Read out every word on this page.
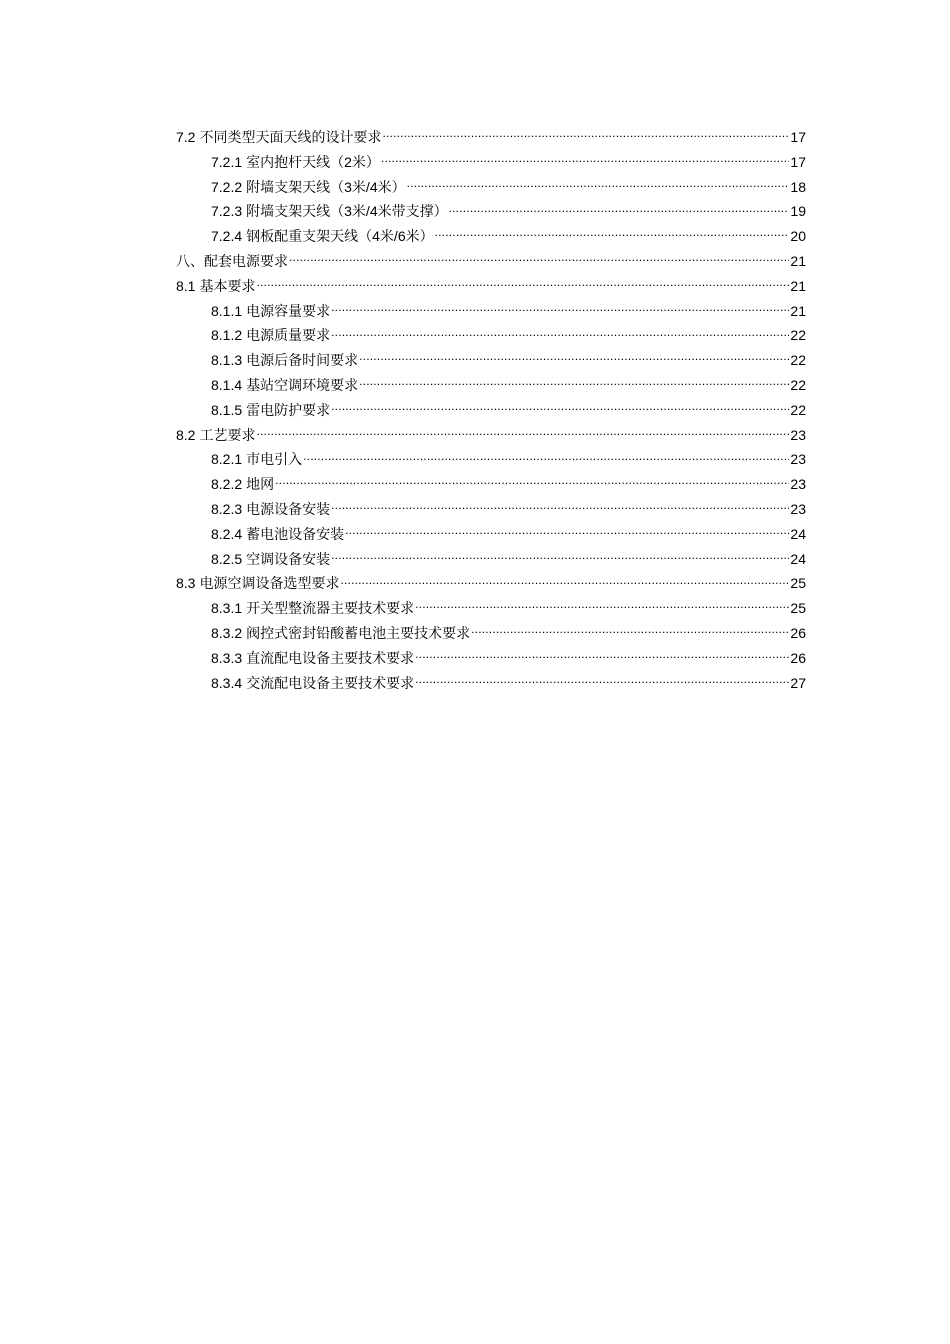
7.2 不同类型天面天线的设计要求 .....	17
7.2.1 室内抱杆天线（2米） .....	17
7.2.2 附墙支架天线（3米/4米） .....	18
7.2.3 附墙支架天线（3米/4米带支撑） .....	19
7.2.4 钢板配重支架天线（4米/6米） .....	20
八、配套电源要求 .....	21
8.1 基本要求 .....	21
8.1.1 电源容量要求 .....	21
8.1.2 电源质量要求 .....	22
8.1.3 电源后备时间要求 .....	22
8.1.4 基站空调环境要求 .....	22
8.1.5 雷电防护要求 .....	22
8.2 工艺要求 .....	23
8.2.1 市电引入 .....	23
8.2.2 地网 .....	23
8.2.3 电源设备安装 .....	23
8.2.4 蓄电池设备安装 .....	24
8.2.5 空调设备安装 .....	24
8.3 电源空调设备选型要求 .....	25
8.3.1 开关型整流器主要技术要求 .....	25
8.3.2 阀控式密封铅酸蓄电池主要技术要求 .....	26
8.3.3 直流配电设备主要技术要求 .....	26
8.3.4 交流配电设备主要技术要求 .....	27
